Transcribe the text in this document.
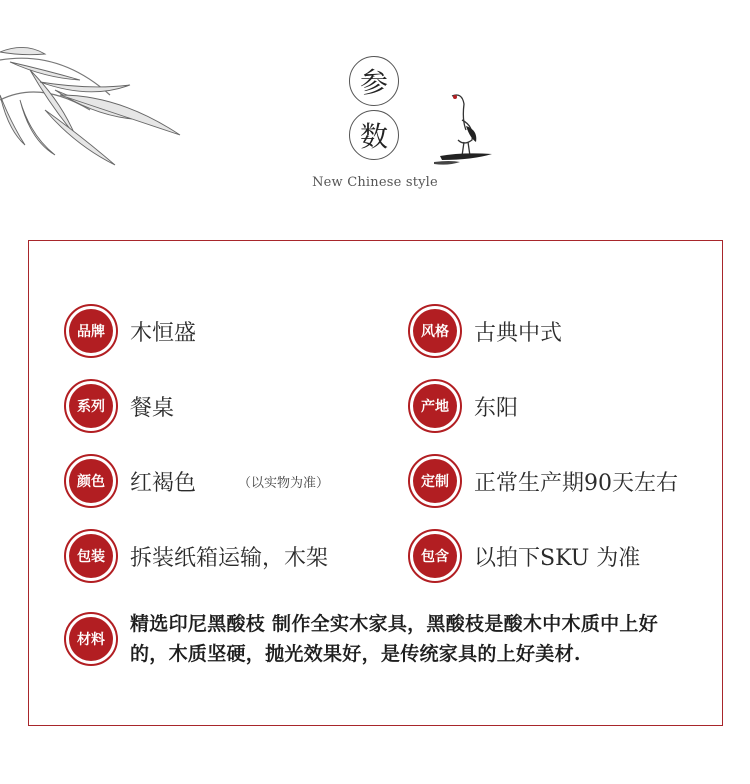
参
数
New Chinese style
品牌	木恒盛	风格	古典中式
系列	餐桌	产地	东阳
颜色	红褐色	（以实物为准）	定制	正常生产期90天左右
包装	拆装纸箱运输，木架	包含	以拍下SKU 为准
材料
精选印尼黑酸枝 制作全实木家具，黑酸枝是酸木中木质中上好的，木质坚硬，抛光效果好，是传统家具的上好美材.
